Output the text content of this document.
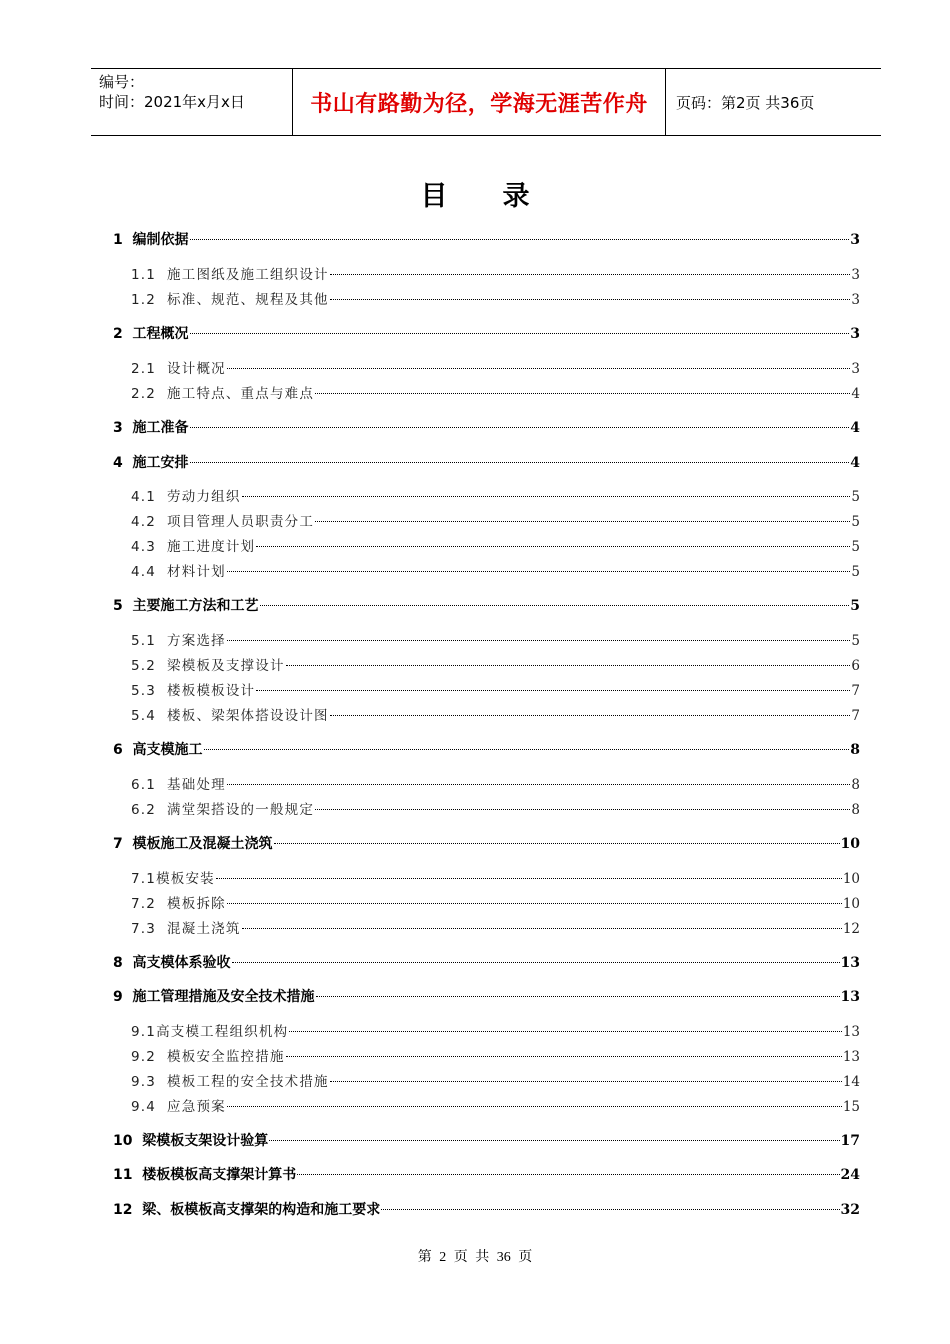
编号：
时间：2021年x月x日	书山有路勤为径，学海无涯苦作舟 页码：第2页 共36页
目录
1  编制依据	3
1.1  施工图纸及施工组织设计	3
1.2  标准、规范、规程及其他	3
2  工程概况	3
2.1  设计概况	3
2.2  施工特点、重点与难点	4
3  施工准备	4
4  施工安排	4
4.1  劳动力组织	5
4.2  项目管理人员职责分工	5
4.3  施工进度计划	5
4.4  材料计划	5
5  主要施工方法和工艺	5
5.1  方案选择	5
5.2  梁模板及支撑设计	6
5.3  楼板模板设计	7
5.4  楼板、梁架体搭设设计图	7
6  高支模施工	8
6.1  基础处理	8
6.2  满堂架搭设的一般规定	8
7  模板施工及混凝土浇筑	10
7.1模板安装	10
7.2  模板拆除	10
7.3  混凝土浇筑	12
8  高支模体系验收	13
9  施工管理措施及安全技术措施	13
9.1高支模工程组织机构	13
9.2  模板安全监控措施	13
9.3  模板工程的安全技术措施	14
9.4  应急预案	15
10  梁模板支架设计验算	17
11  楼板模板高支撑架计算书	24
12  梁、板模板高支撑架的构造和施工要求	32
第 2 页 共 36 页
